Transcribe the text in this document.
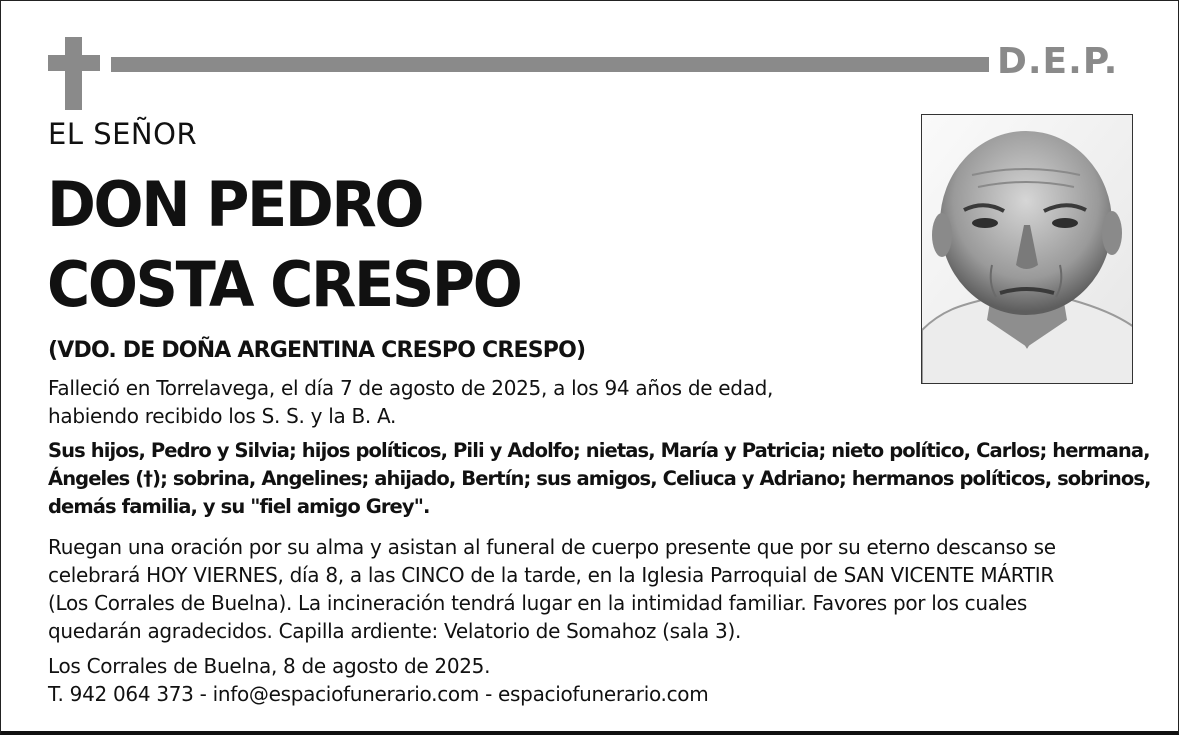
D.E.P.
EL SEÑOR
DON PEDRO
COSTA CRESPO
(VDO. DE DOÑA ARGENTINA CRESPO CRESPO)

Falleció en Torrelavega, el día 7 de agosto de 2025, a los 94 años de edad,
habiendo recibido los S. S. y la B. A.

Sus hijos, Pedro y Silvia; hijos políticos, Pili y Adolfo; nietas, María y Patricia; nieto político, Carlos; hermana,
Ángeles (†); sobrina, Angelines; ahijado, Bertín; sus amigos, Celiuca y Adriano; hermanos políticos, sobrinos,
demás familia, y su "fiel amigo Grey".

Ruegan una oración por su alma y asistan al funeral de cuerpo presente que por su eterno descanso se
celebrará HOY VIERNES, día 8, a las CINCO de la tarde, en la Iglesia Parroquial de SAN VICENTE MÁRTIR
(Los Corrales de Buelna). La incineración tendrá lugar en la intimidad familiar. Favores por los cuales
quedarán agradecidos. Capilla ardiente: Velatorio de Somahoz (sala 3).

Los Corrales de Buelna, 8 de agosto de 2025.
T. 942 064 373 - info@espaciofunerario.com - espaciofunerario.com
